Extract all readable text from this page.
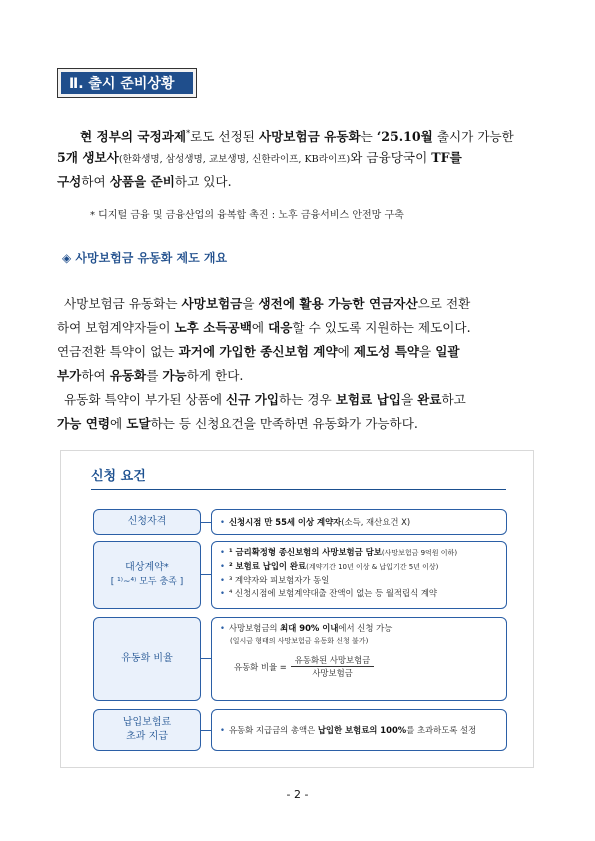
Ⅱ. 출시 준비상황
현 정부의 국정과제*로도 선정된 사망보험금 유동화는 ‘25.10월 출시가 가능한
5개 생보사(한화생명, 삼성생명, 교보생명, 신한라이프, KB라이프)와 금융당국이 TF를
구성하여 상품을 준비하고 있다.
* 디지털 금융 및 금융산업의 융복합 촉진 : 노후 금융서비스 안전망 구축
◈ 사망보험금 유동화 제도 개요
사망보험금 유동화는 사망보험금을 생전에 활용 가능한 연금자산으로 전환
하여 보험계약자들이 노후 소득공백에 대응할 수 있도록 지원하는 제도이다.
연금전환 특약이 없는 과거에 가입한 종신보험 계약에 제도성 특약을 일괄
부가하여 유동화를 가능하게 한다.
유동화 특약이 부가된 상품에 신규 가입하는 경우 보험료 납입을 완료하고
가능 연령에 도달하는 등 신청요건을 만족하면 유동화가 가능하다.
신청 요건
신청자격	• 신청시점 만 55세 이상 계약자(소득, 재산요건 X)
대상계약*
[ ¹⁾~⁴⁾ 모두 충족 ]
• ¹ 금리확정형 종신보험의 사망보험금 담보(사망보험금 9억원 이하)
• ² 보험료 납입이 완료(계약기간 10년 이상 & 납입기간 5년 이상)
• ³ 계약자와 피보험자가 동일
• ⁴ 신청시점에 보험계약대출 잔액이 없는 등 월적립식 계약
유동화 비율
• 사망보험금의 최대 90% 이내에서 신청 가능
(일시금 형태의 사망보험금 유동화 신청 불가)
유동화 비율 =
유동화된 사망보험금
사망보험금
납입보험료
초과 지급
• 유동화 지급금의 총액은 납입한 보험료의 100%를 초과하도록 설정
- 2 -
